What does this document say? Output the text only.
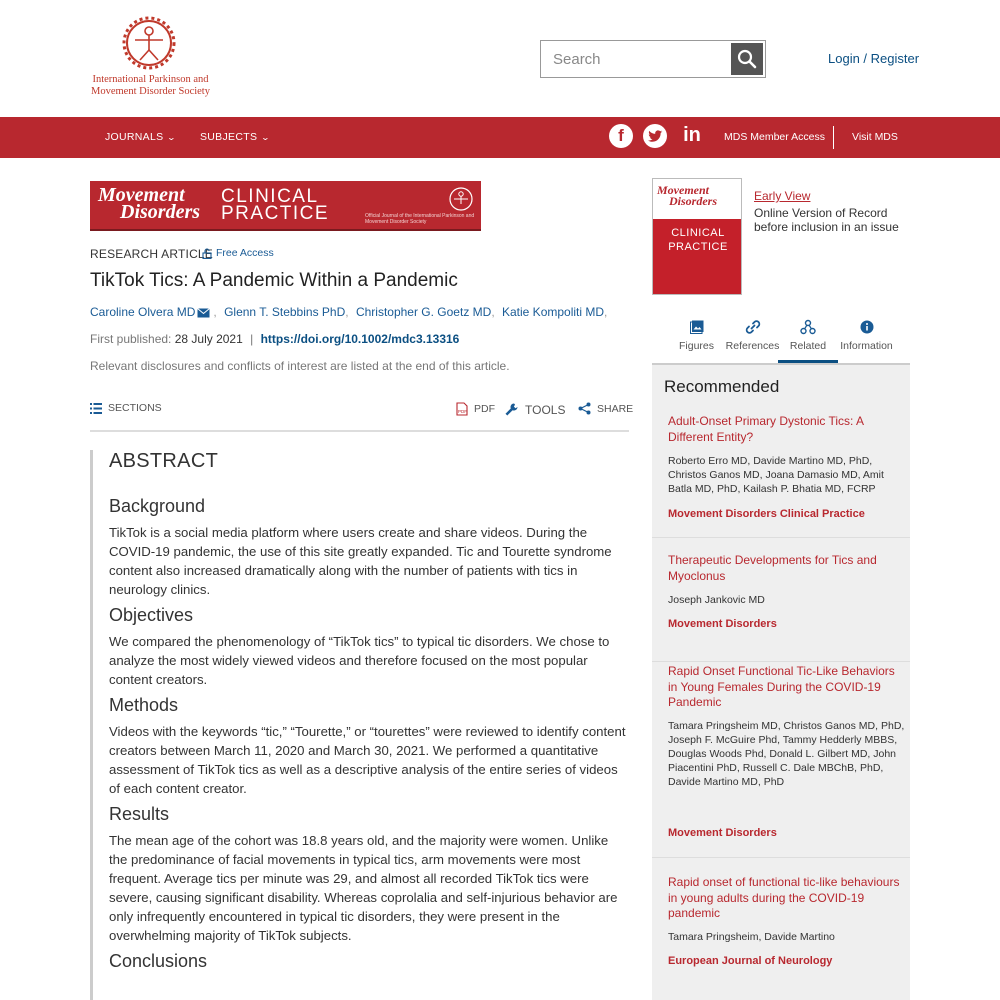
International Parkinson and
Movement Disorder Society
Search
Login / Register
JOURNALS ⌄ SUBJECTS ⌄	f	in MDS Member Access	Visit MDS
Movement
Disorders
CLINICAL
PRACTICE	Official Journal of the International Parkinson and Movement Disorder Society
RESEARCH ARTICLE Free Access
TikTok Tics: A Pandemic Within a Pandemic
Caroline Olvera MD , Glenn T. Stebbins PhD, Christopher G. Goetz MD, Katie Kompoliti MD,
First published: 28 July 2021 | https://doi.org/10.1002/mdc3.13316
Relevant disclosures and conflicts of interest are listed at the end of this article.
SECTIONS	PDF PDF	TOOLS	SHARE
ABSTRACT
Background

TikTok is a social media platform where users create and share videos. During the COVID-19 pandemic, the use of this site greatly expanded. Tic and Tourette syndrome content also increased dramatically along with the number of patients with tics in neurology clinics.

Objectives

We compared the phenomenology of “TikTok tics” to typical tic disorders. We chose to analyze the most widely viewed videos and therefore focused on the most popular content creators.

Methods

Videos with the keywords “tic,” “Tourette,” or “tourettes” were reviewed to identify content creators between March 11, 2020 and March 30, 2021. We performed a quantitative assessment of TikTok tics as well as a descriptive analysis of the entire series of videos of each content creator.

Results

The mean age of the cohort was 18.8 years old, and the majority were women. Unlike the predominance of facial movements in typical tics, arm movements were most frequent. Average tics per minute was 29, and almost all recorded TikTok tics were severe, causing significant disability. Whereas coprolalia and self-injurious behavior are only infrequently encountered in typical tic disorders, they were present in the overwhelming majority of TikTok subjects.

Conclusions
Movement
Disorders
CLINICAL
PRACTICE
Early View
Online Version of Record before inclusion in an issue
Figures	References	Related	Information
Recommended
Adult-Onset Primary Dystonic Tics: A Different Entity?
Roberto Erro MD, Davide Martino MD, PhD, Christos Ganos MD, Joana Damasio MD, Amit Batla MD, PhD, Kailash P. Bhatia MD, FCRP
Movement Disorders Clinical Practice
Therapeutic Developments for Tics and Myoclonus
Joseph Jankovic MD
Movement Disorders
Rapid Onset Functional Tic-Like Behaviors in Young Females During the COVID-19 Pandemic
Tamara Pringsheim MD, Christos Ganos MD, PhD, Joseph F. McGuire Phd, Tammy Hedderly MBBS, Douglas Woods Phd, Donald L. Gilbert MD, John Piacentini PhD, Russell C. Dale MBChB, PhD, Davide Martino MD, PhD
Movement Disorders
Rapid onset of functional tic-like behaviours in young adults during the COVID-19 pandemic
Tamara Pringsheim, Davide Martino
European Journal of Neurology
